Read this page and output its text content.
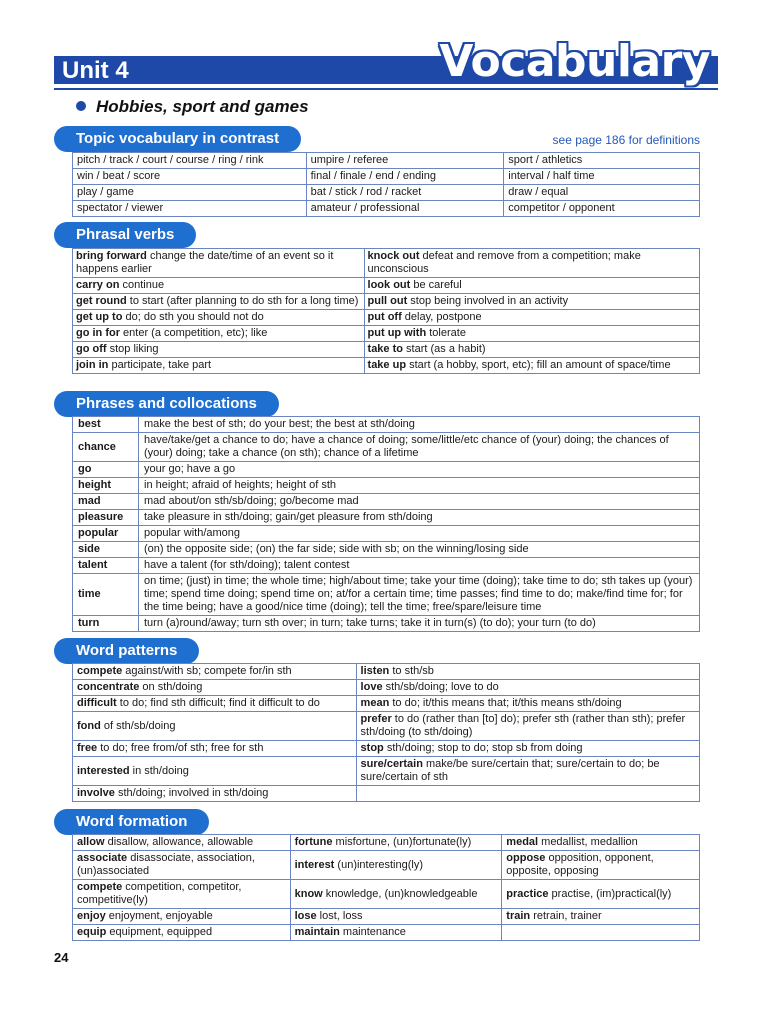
Unit 4	Vocabulary
Hobbies, sport and games
Topic vocabulary in contrast	see page 186 for definitions
pitch / track / court / course / ring / rink	umpire / referee	sport / athletics
win / beat / score	final / finale / end / ending	interval / half time
play / game	bat / stick / rod / racket	draw / equal
spectator / viewer	amateur / professional	competitor / opponent
Phrasal verbs
bring forward change the date/time of an event so it happens earlier	knock out defeat and remove from a competition; make unconscious
carry on continue	look out be careful
get round to start (after planning to do sth for a long time)	pull out stop being involved in an activity
get up to do; do sth you should not do	put off delay, postpone
go in for enter (a competition, etc); like	put up with tolerate
go off stop liking	take to start (as a habit)
join in participate, take part	take up start (a hobby, sport, etc); fill an amount of space/time
Phrases and collocations
best	make the best of sth; do your best; the best at sth/doing
chance	have/take/get a chance to do; have a chance of doing; some/little/etc chance of (your) doing; the chances of (your) doing; take a chance (on sth); chance of a lifetime
go	your go; have a go
height	in height; afraid of heights; height of sth
mad	mad about/on sth/sb/doing; go/become mad
pleasure	take pleasure in sth/doing; gain/get pleasure from sth/doing
popular	popular with/among
side	(on) the opposite side; (on) the far side; side with sb; on the winning/losing side
talent	have a talent (for sth/doing); talent contest
time	on time; (just) in time; the whole time; high/about time; take your time (doing); take time to do; sth takes up (your) time; spend time doing; spend time on; at/for a certain time; time passes; find time to do; make/find time for; for the time being; have a good/nice time (doing); tell the time; free/spare/leisure time
turn	turn (a)round/away; turn sth over; in turn; take turns; take it in turn(s) (to do); your turn (to do)
Word patterns
compete against/with sb; compete for/in sth	listen to sth/sb
concentrate on sth/doing	love sth/sb/doing; love to do
difficult to do; find sth difficult; find it difficult to do	mean to do; it/this means that; it/this means sth/doing
fond of sth/sb/doing	prefer to do (rather than [to] do); prefer sth (rather than sth); prefer sth/doing (to sth/doing)
free to do; free from/of sth; free for sth	stop sth/doing; stop to do; stop sb from doing
interested in sth/doing	sure/certain make/be sure/certain that; sure/certain to do; be sure/certain of sth
involve sth/doing; involved in sth/doing	
Word formation
allow disallow, allowance, allowable	fortune misfortune, (un)fortunate(ly)	medal medallist, medallion
associate disassociate, association, (un)associated	interest (un)interesting(ly)	oppose opposition, opponent, opposite, opposing
compete competition, competitor, competitive(ly)	know knowledge, (un)knowledgeable	practice practise, (im)practical(ly)
enjoy enjoyment, enjoyable	lose lost, loss	train retrain, trainer
equip equipment, equipped	maintain maintenance	
24
